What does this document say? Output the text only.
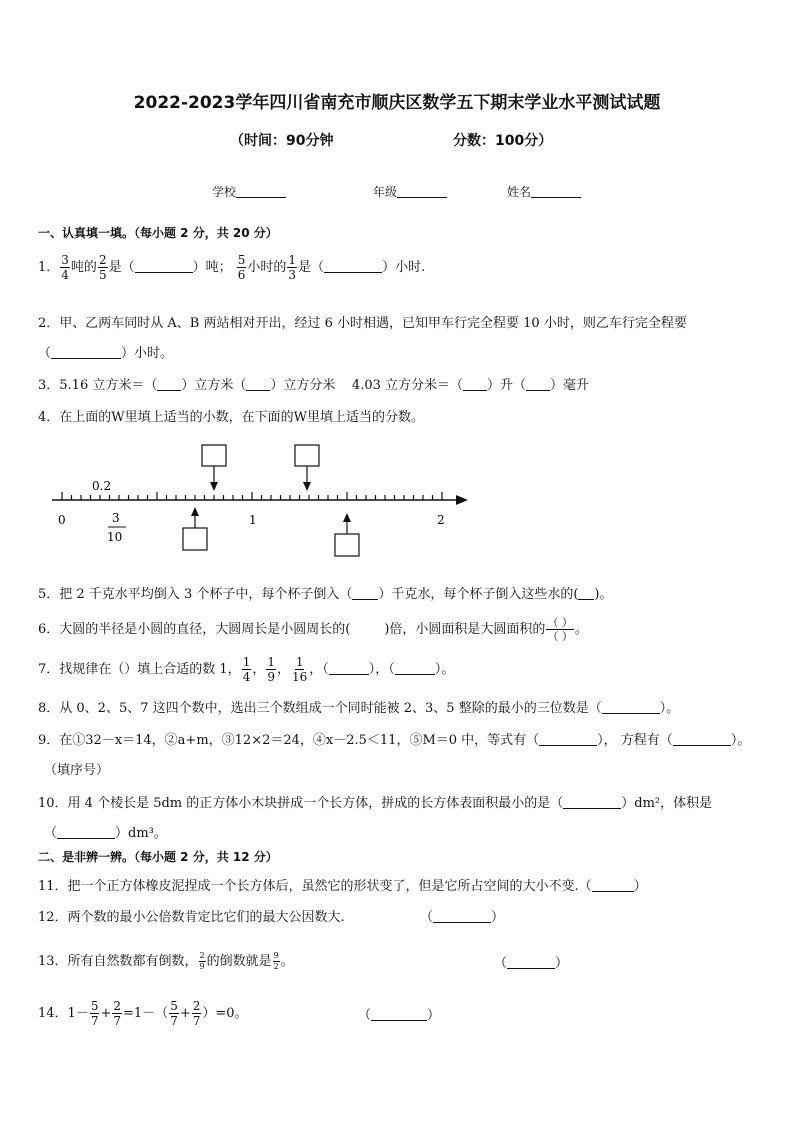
2022-2023学年四川省南充市顺庆区数学五下期末学业水平测试试题
（时间：90分钟	分数：100分）
学校	年级	姓名
一、认真填一填。（每小题 2 分，共 20 分）
1． $\frac{3}{4}$ 吨的 $\frac{2}{5}$ 是（	）吨； $\frac{5}{6}$ 小时的 $\frac{1}{3}$ 是（	）小时.
2．甲、乙两车同时从 A、B 两站相对开出，经过 6 小时相遇，已知甲车行完全程要 10 小时，则乙车行完全程要
（	）小时。
3．5.16 立方米＝（ ）立方米（ ）立方分米 4.03 立方分米＝（ ）升（ ）毫升
4．在上面的W里填上适当的小数，在下面的W里填上适当的分数。
0.2
0	1	2
3
10
5．把 2 千克水平均倒入 3 个杯子中，每个杯子倒入（ ）千克水，每个杯子倒入这些水的( )。
6．大圆的半径是小圆的直径，大圆周长是小圆周长的(	)倍，小圆面积是大圆面积的 $\frac{( )}{( )}$ 。
7．找规律在（）填上合适的数 1， $\frac{1}{4}$ ， $\frac{1}{9}$ ， $\frac{1}{16}$ ，（	），（	）。
8．从 0、2、5、7 这四个数中，选出三个数组成一个同时能被 2、3、5 整除的最小的三位数是（	）。
9．在①32－x＝14，②a+m，③12×2＝24，④x－2.5＜11，⑤M＝0 中，等式有（	）， 方程有（	）。
（填序号）
10．用 4 个棱长是 5dm 的正方体小木块拼成一个长方体，拼成的长方体表面积最小的是（	）dm²，体积是
（	）dm³。
二、是非辨一辨。（每小题 2 分，共 12 分）
11．把一个正方体橡皮泥捏成一个长方体后，虽然它的形状变了，但是它所占空间的大小不变.（	）
12．两个数的最小公倍数肯定比它们的最大公因数大.	（	）
13．所有自然数都有倒数， $\frac{2}{9}$ 的倒数就是 $\frac{9}{2}$ 。	（	）
14．$1- \frac{5}{7} + \frac{2}{7} =1-( \frac{5}{7} + \frac{2}{7} )=0$。	（	）
